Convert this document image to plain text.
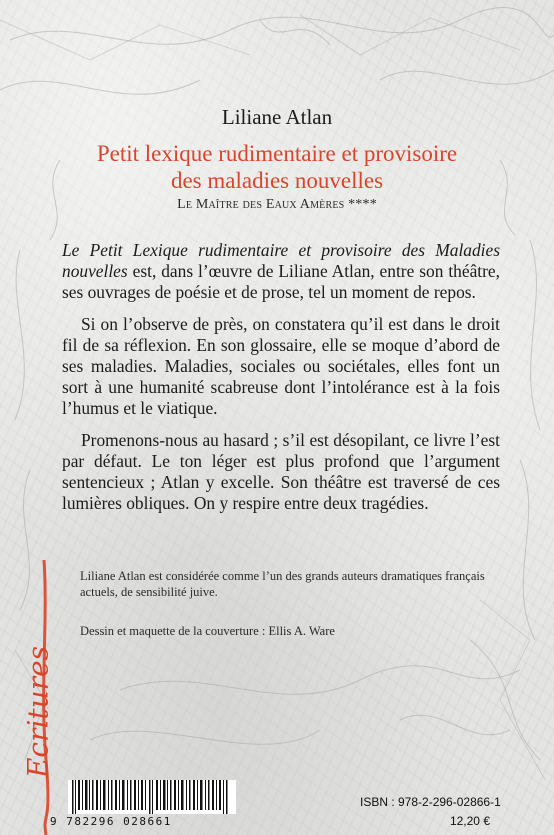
Liliane Atlan
Petit lexique rudimentaire et provisoire
des maladies nouvelles
Le Maître des Eaux Amères ****

Le Petit Lexique rudimentaire et provisoire des Maladies nouvelles est, dans l’œuvre de Liliane Atlan, entre son théâtre, ses ouvrages de poésie et de prose, tel un moment de repos.

Si on l’observe de près, on constatera qu’il est dans le droit fil de sa réflexion. En son glossaire, elle se moque d’abord de ses maladies. Maladies, sociales ou sociétales, elles font un sort à une humanité scabreuse dont l’intolérance est à la fois l’humus et le viatique.

Promenons-nous au hasard ; s’il est désopilant, ce livre l’est par défaut. Le ton léger est plus profond que l’argument sentencieux ; Atlan y excelle. Son théâtre est traversé de ces lumières obliques. On y respire entre deux tragédies.

Liliane Atlan est considérée comme l’un des grands auteurs dramatiques français actuels, de sensibilité juive.
Dessin et maquette de la couverture : Ellis A. Ware
Ecritures
9 782296 028661
ISBN : 978-2-296-02866-1
12,20 €
